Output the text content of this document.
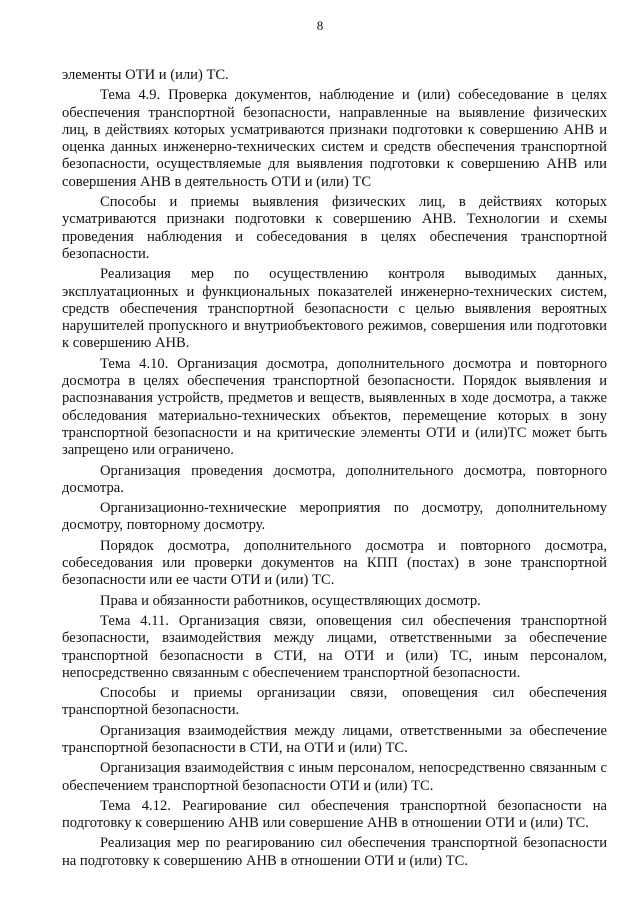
8

элементы ОТИ и (или) ТС.

Тема 4.9. Проверка документов, наблюдение и (или) собеседование в целях обеспечения транспортной безопасности, направленные на выявление физических лиц, в действиях которых усматриваются признаки подготовки к совершению АНВ и оценка данных инженерно-технических систем и средств обеспечения транспортной безопасности, осуществляемые для выявления подготовки к совершению АНВ или совершения АНВ в деятельность ОТИ и (или) ТС

Способы и приемы выявления физических лиц, в действиях которых усматриваются признаки подготовки к совершению АНВ. Технологии и схемы проведения наблюдения и собеседования в целях обеспечения транспортной безопасности.

Реализация мер по осуществлению контроля выводимых данных, эксплуатационных и функциональных показателей инженерно-технических систем, средств обеспечения транспортной безопасности с целью выявления вероятных нарушителей пропускного и внутриобъектового режимов, совершения или подготовки к совершению АНВ.

Тема 4.10. Организация досмотра, дополнительного досмотра и повторного досмотра в целях обеспечения транспортной безопасности. Порядок выявления и распознавания устройств, предметов и веществ, выявленных в ходе досмотра, а также обследования материально-технических объектов, перемещение которых в зону транспортной безопасности и на критические элементы ОТИ и (или)ТС может быть запрещено или ограничено.

Организация проведения досмотра, дополнительного досмотра, повторного досмотра.

Организационно-технические мероприятия по досмотру, дополнительному досмотру, повторному досмотру.

Порядок досмотра, дополнительного досмотра и повторного досмотра, собеседования или проверки документов на КПП (постах) в зоне транспортной безопасности или ее части ОТИ и (или) ТС.

Права и обязанности работников, осуществляющих досмотр.

Тема 4.11. Организация связи, оповещения сил обеспечения транспортной безопасности, взаимодействия между лицами, ответственными за обеспечение транспортной безопасности в СТИ, на ОТИ и (или) ТС, иным персоналом, непосредственно связанным с обеспечением транспортной безопасности.

Способы и приемы организации связи, оповещения сил обеспечения транспортной безопасности.

Организация взаимодействия между лицами, ответственными за обеспечение транспортной безопасности в СТИ, на ОТИ и (или) ТС.

Организация взаимодействия с иным персоналом, непосредственно связанным с обеспечением транспортной безопасности ОТИ и (или) ТС.

Тема 4.12. Реагирование сил обеспечения транспортной безопасности на подготовку к совершению АНВ или совершение АНВ в отношении ОТИ и (или) ТС.

Реализация мер по реагированию сил обеспечения транспортной безопасности на подготовку к совершению АНВ в отношении ОТИ и (или) ТС.
